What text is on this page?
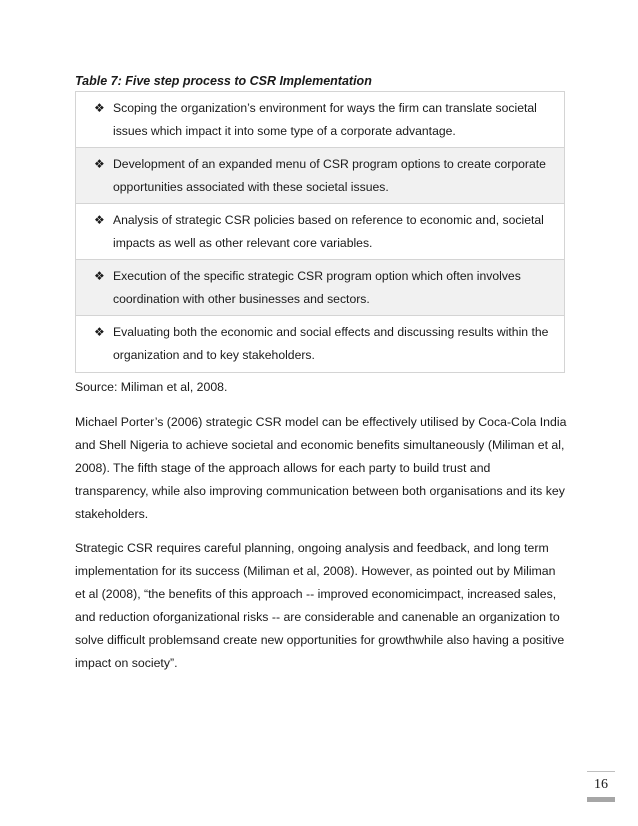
Table 7: Five step process to CSR Implementation
❖ Scoping the organization’s environment for ways the firm can translate societal issues which impact it into some type of a corporate advantage.
❖ Development of an expanded menu of CSR program options to create corporate opportunities associated with these societal issues.
❖ Analysis of strategic CSR policies based on reference to economic and, societal impacts as well as other relevant core variables.
❖ Execution of the specific strategic CSR program option which often involves coordination with other businesses and sectors.
❖ Evaluating both the economic and social effects and discussing results within the organization and to key stakeholders.
Source: Miliman et al, 2008.

Michael Porter’s (2006) strategic CSR model can be effectively utilised by Coca-Cola India and Shell Nigeria to achieve societal and economic benefits simultaneously (Miliman et al, 2008). The fifth stage of the approach allows for each party to build trust and transparency, while also improving communication between both organisations and its key stakeholders.

Strategic CSR requires careful planning, ongoing analysis and feedback, and long term implementation for its success (Miliman et al, 2008). However, as pointed out by Miliman et al (2008), “the benefits of this approach -- improved economicimpact, increased sales, and reduction oforganizational risks -- are considerable and canenable an organization to solve difficult problemsand create new opportunities for growthwhile also having a positive impact on society”.

16
